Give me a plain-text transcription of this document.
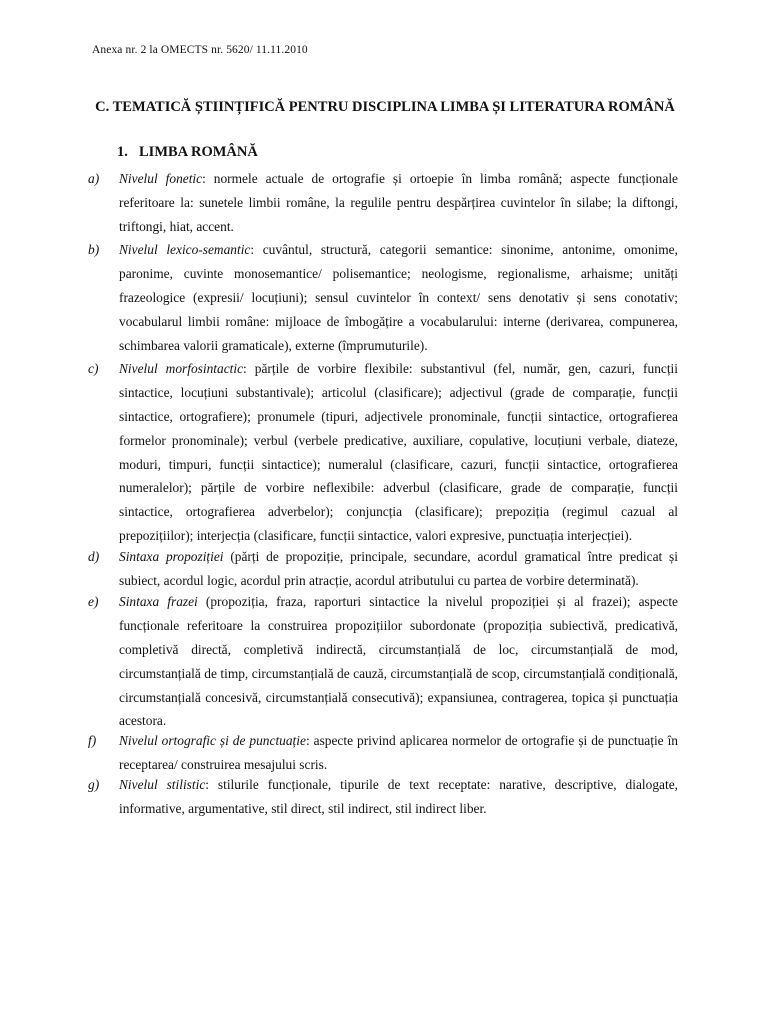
Anexa nr. 2 la OMECTS nr. 5620/ 11.11.2010
C. TEMATICĂ ȘTIINȚIFICĂ PENTRU DISCIPLINA LIMBA ȘI LITERATURA ROMÂNĂ
1. LIMBA ROMÂNĂ

a) Nivelul fonetic: normele actuale de ortografie și ortoepie în limba română; aspecte funcționale referitoare la: sunetele limbii române, la regulile pentru despărțirea cuvintelor în silabe; la diftongi, triftongi, hiat, accent.

b) Nivelul lexico-semantic: cuvântul, structură, categorii semantice: sinonime, antonime, omonime, paronime, cuvinte monosemantice/ polisemantice; neologisme, regionalisme, arhaisme; unități frazeologice (expresii/ locuțiuni); sensul cuvintelor în context/ sens denotativ și sens conotativ; vocabularul limbii române: mijloace de îmbogățire a vocabularului: interne (derivarea, compunerea, schimbarea valorii gramaticale), externe (împrumuturile).

c) Nivelul morfosintactic: părțile de vorbire flexibile: substantivul (fel, număr, gen, cazuri, funcții sintactice, locuțiuni substantivale); articolul (clasificare); adjectivul (grade de comparație, funcții sintactice, ortografiere); pronumele (tipuri, adjectivele pronominale, funcții sintactice, ortografierea formelor pronominale); verbul (verbele predicative, auxiliare, copulative, locuțiuni verbale, diateze, moduri, timpuri, funcții sintactice); numeralul (clasificare, cazuri, funcții sintactice, ortografierea numeralelor); părțile de vorbire neflexibile: adverbul (clasificare, grade de comparație, funcții sintactice, ortografierea adverbelor); conjuncția (clasificare); prepoziția (regimul cazual al prepozițiilor); interjecția (clasificare, funcții sintactice, valori expresive, punctuația interjecției).

d) Sintaxa propoziției (părți de propoziție, principale, secundare, acordul gramatical între predicat și subiect, acordul logic, acordul prin atracție, acordul atributului cu partea de vorbire determinată).

e) Sintaxa frazei (propoziția, fraza, raporturi sintactice la nivelul propoziției și al frazei); aspecte funcționale referitoare la construirea propozițiilor subordonate (propoziția subiectivă, predicativă, completivă directă, completivă indirectă, circumstanțială de loc, circumstanțială de mod, circumstanțială de timp, circumstanțială de cauză, circumstanțială de scop, circumstanțială condițională, circumstanțială concesivă, circumstanțială consecutivă); expansiunea, contragerea, topica și punctuația acestora.

f) Nivelul ortografic și de punctuație: aspecte privind aplicarea normelor de ortografie și de punctuație în receptarea/ construirea mesajului scris.

g) Nivelul stilistic: stilurile funcționale, tipurile de text receptate: narative, descriptive, dialogate, informative, argumentative, stil direct, stil indirect, stil indirect liber.
